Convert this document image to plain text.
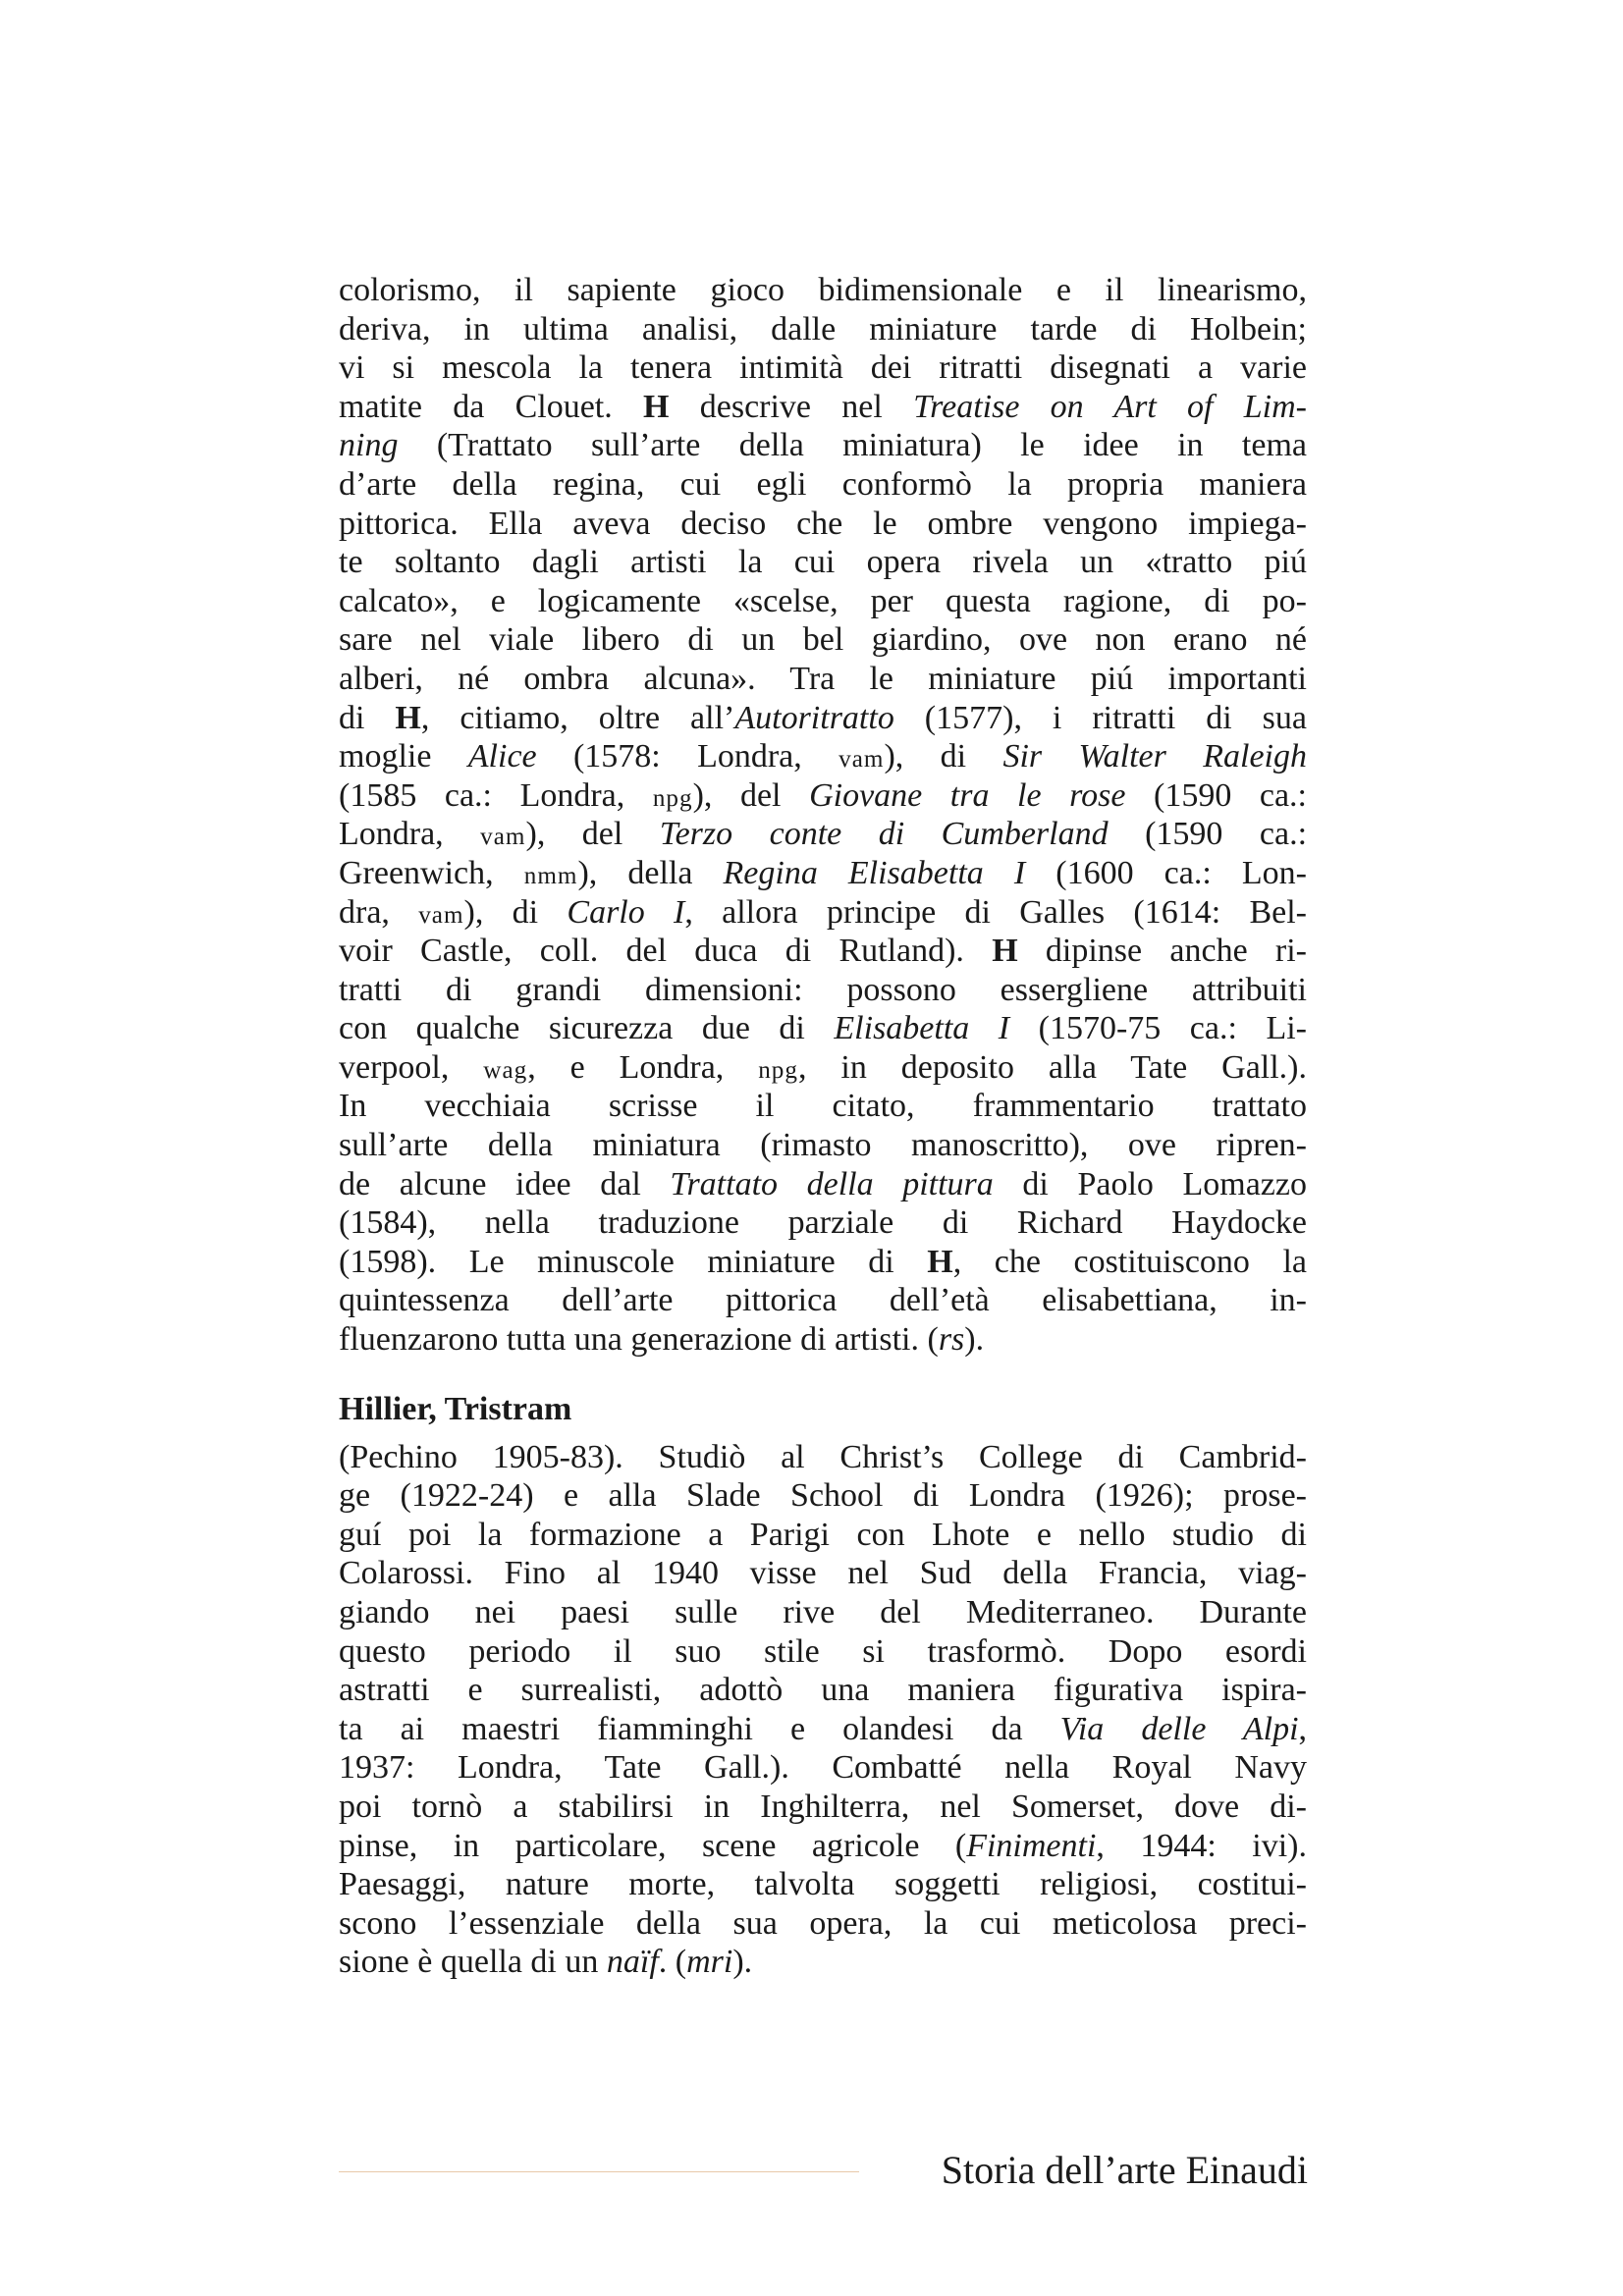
colorismo, il sapiente gioco bidimensionale e il linearismo,
deriva, in ultima analisi, dalle miniature tarde di Holbein;
vi si mescola la tenera intimità dei ritratti disegnati a varie
matite da Clouet. H descrive nel Treatise on Art of Lim-
ning (Trattato sull’arte della miniatura) le idee in tema
d’arte della regina, cui egli conformò la propria maniera
pittorica. Ella aveva deciso che le ombre vengono impiega-
te soltanto dagli artisti la cui opera rivela un «tratto piú
calcato», e logicamente «scelse, per questa ragione, di po-
sare nel viale libero di un bel giardino, ove non erano né
alberi, né ombra alcuna». Tra le miniature piú importanti
di H, citiamo, oltre all’Autoritratto (1577), i ritratti di sua
moglie Alice (1578: Londra, vam), di Sir Walter Raleigh
(1585 ca.: Londra, npg), del Giovane tra le rose (1590 ca.:
Londra, vam), del Terzo conte di Cumberland (1590 ca.:
Greenwich, nmm), della Regina Elisabetta I (1600 ca.: Lon-
dra, vam), di Carlo I, allora principe di Galles (1614: Bel-
voir Castle, coll. del duca di Rutland). H dipinse anche ri-
tratti di grandi dimensioni: possono essergliene attribuiti
con qualche sicurezza due di Elisabetta I (1570-75 ca.: Li-
verpool, wag, e Londra, npg, in deposito alla Tate Gall.).
In vecchiaia scrisse il citato, frammentario trattato
sull’arte della miniatura (rimasto manoscritto), ove ripren-
de alcune idee dal Trattato della pittura di Paolo Lomazzo
(1584), nella traduzione parziale di Richard Haydocke
(1598). Le minuscole miniature di H, che costituiscono la
quintessenza dell’arte pittorica dell’età elisabettiana, in-
fluenzarono tutta una generazione di artisti. (rs).
Hillier, Tristram
(Pechino 1905-83). Studiò al Christ’s College di Cambrid-
ge (1922-24) e alla Slade School di Londra (1926); prose-
guí poi la formazione a Parigi con Lhote e nello studio di
Colarossi. Fino al 1940 visse nel Sud della Francia, viag-
giando nei paesi sulle rive del Mediterraneo. Durante
questo periodo il suo stile si trasformò. Dopo esordi
astratti e surrealisti, adottò una maniera figurativa ispira-
ta ai maestri fiamminghi e olandesi da Via delle Alpi,
1937: Londra, Tate Gall.). Combatté nella Royal Navy
poi tornò a stabilirsi in Inghilterra, nel Somerset, dove di-
pinse, in particolare, scene agricole (Finimenti, 1944: ivi).
Paesaggi, nature morte, talvolta soggetti religiosi, costitui-
scono l’essenziale della sua opera, la cui meticolosa preci-
sione è quella di un naïf. (mri).
Storia dell’arte Einaudi
